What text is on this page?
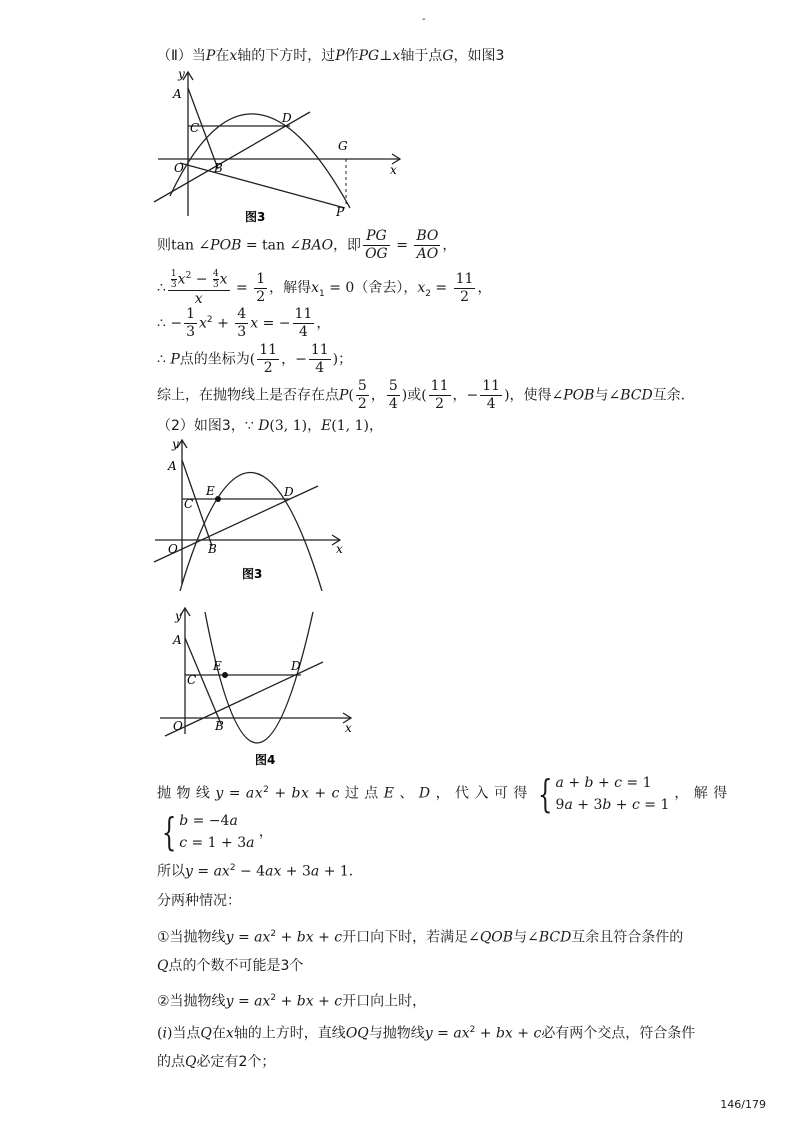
-
（Ⅱ）当P在x轴的下方时，过P作PG⊥x轴于点G，如图3
A
C
D
G
O	B	x
y
P
图3
则tan ∠POB = tan ∠BAO，即 $\frac{PG}{OG} = \frac{BO}{AO}$ ，
∴ $\frac{\frac{1}{3} x^2 - \frac{4}{3} x}{x} = \frac{1}{2}$ ，解得$x_1 = 0$（舍去），$x_2 = \frac{11}{2}$ ，
∴ − $\frac{1}{3} x^2 + \frac{4}{3}$ x = − $\frac{11}{4}$ ，
∴ P点的坐标为( $\frac{11}{2}$ ，− $\frac{11}{4}$ )；
综上，在抛物线上是否存在点$P( \frac{5}{2}$ ， $\frac{5}{4}$ )或( $\frac{11}{2}$ ，− $\frac{11}{4}$ )，使得∠POB与∠BCD互余．
（2）如图3，∵ D(3, 1)，E(1, 1)，
A
C
E	D
O	B	x
y
图3
y
A
C
E	D
O	B	x
图4
抛 物 线 $y = ax^2$ + bx + c 过 点 E 、 D ， 代 入 可 得 { a + b + c = 1
9a + 3b + c = 1
， 解 得
{ b = −4a
c = 1 + 3a
，
所以$y = ax^2 - 4ax + 3a + 1$．
分两种情况：
①当抛物线$y = ax^2$ + bx + c开口向下时，若满足∠QOB与∠BCD互余且符合条件的
Q点的个数不可能是3个
②当抛物线$y = ax^2$ + bx + c开口向上时，
(i)当点Q在x轴的上方时，直线OQ与抛物线$y = ax^2$ + bx + c必有两个交点，符合条件
的点Q必定有2个；
146/179
